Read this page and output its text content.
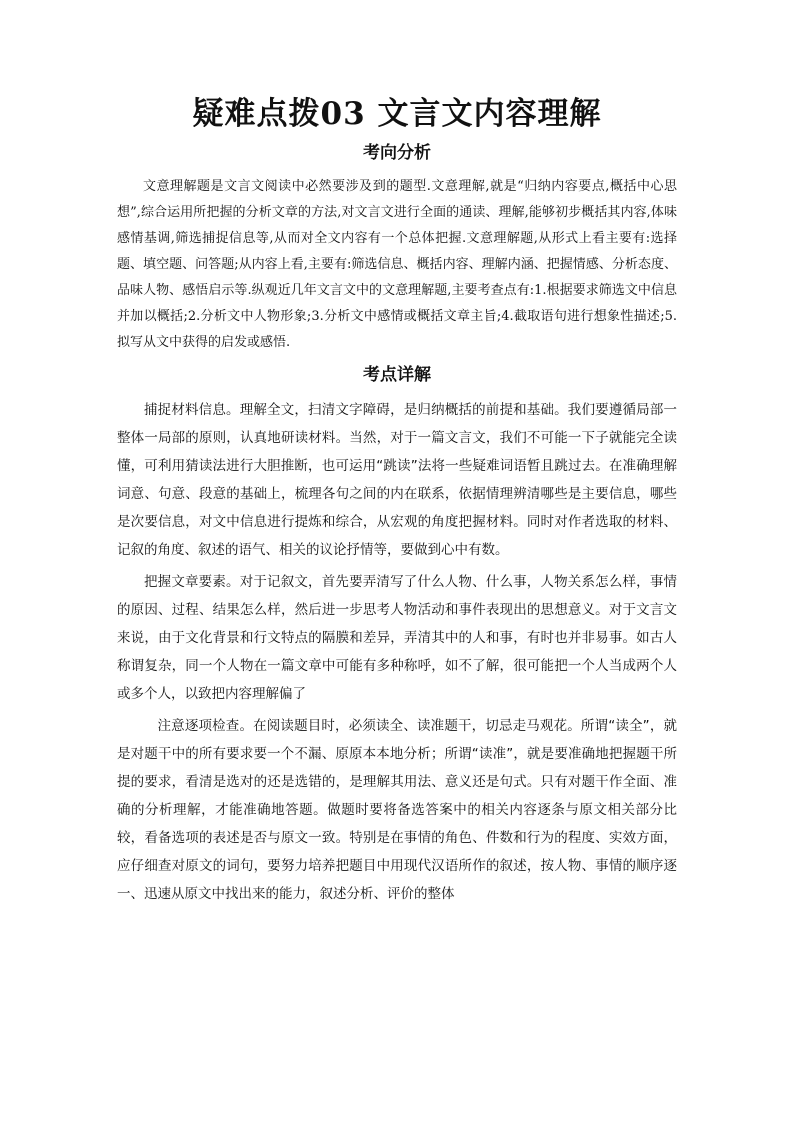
疑难点拨03 文言文内容理解
考向分析

文意理解题是文言文阅读中必然要涉及到的题型.文意理解,就是“归纳内容要点,概括中心思想”,综合运用所把握的分析文章的方法,对文言文进行全面的通读、理解,能够初步概括其内容,体味感情基调,筛选捕捉信息等,从而对全文内容有一个总体把握.文意理解题,从形式上看主要有:选择题、填空题、问答题;从内容上看,主要有:筛选信息、概括内容、理解内涵、把握情感、分析态度、品味人物、感悟启示等.纵观近几年文言文中的文意理解题,主要考查点有:1.根据要求筛选文中信息并加以概括;2.分析文中人物形象;3.分析文中感情或概括文章主旨;4.截取语句进行想象性描述;5.拟写从文中获得的启发或感悟.

考点详解

捕捉材料信息。理解全文，扫清文字障碍，是归纳概括的前提和基础。我们要遵循局部一整体一局部的原则，认真地研读材料。当然，对于一篇文言文，我们不可能一下子就能完全读懂，可利用猜读法进行大胆推断，也可运用“跳读”法将一些疑难词语暂且跳过去。在准确理解词意、句意、段意的基础上，梳理各句之间的内在联系，依据情理辨清哪些是主要信息，哪些是次要信息，对文中信息进行提炼和综合，从宏观的角度把握材料。同时对作者选取的材料、记叙的角度、叙述的语气、相关的议论抒情等，要做到心中有数。

把握文章要素。对于记叙文，首先要弄清写了什么人物、什么事，人物关系怎么样，事情的原因、过程、结果怎么样，然后进一步思考人物活动和事件表现出的思想意义。对于文言文来说，由于文化背景和行文特点的隔膜和差异，弄清其中的人和事，有时也并非易事。如古人称谓复杂，同一个人物在一篇文章中可能有多种称呼，如不了解，很可能把一个人当成两个人或多个人，以致把内容理解偏了

注意逐项检查。在阅读题目时，必须读全、读准题干，切忌走马观花。所谓“读全”，就是对题干中的所有要求要一个不漏、原原本本地分析；所谓“读准”，就是要准确地把握题干所提的要求，看清是选对的还是选错的，是理解其用法、意义还是句式。只有对题干作全面、准确的分析理解，才能准确地答题。做题时要将备选答案中的相关内容逐条与原文相关部分比较，看备选项的表述是否与原文一致。特别是在事情的角色、件数和行为的程度、实效方面，应仔细查对原文的词句，要努力培养把题目中用现代汉语所作的叙述，按人物、事情的顺序逐一、迅速从原文中找出来的能力，叙述分析、评价的整体
